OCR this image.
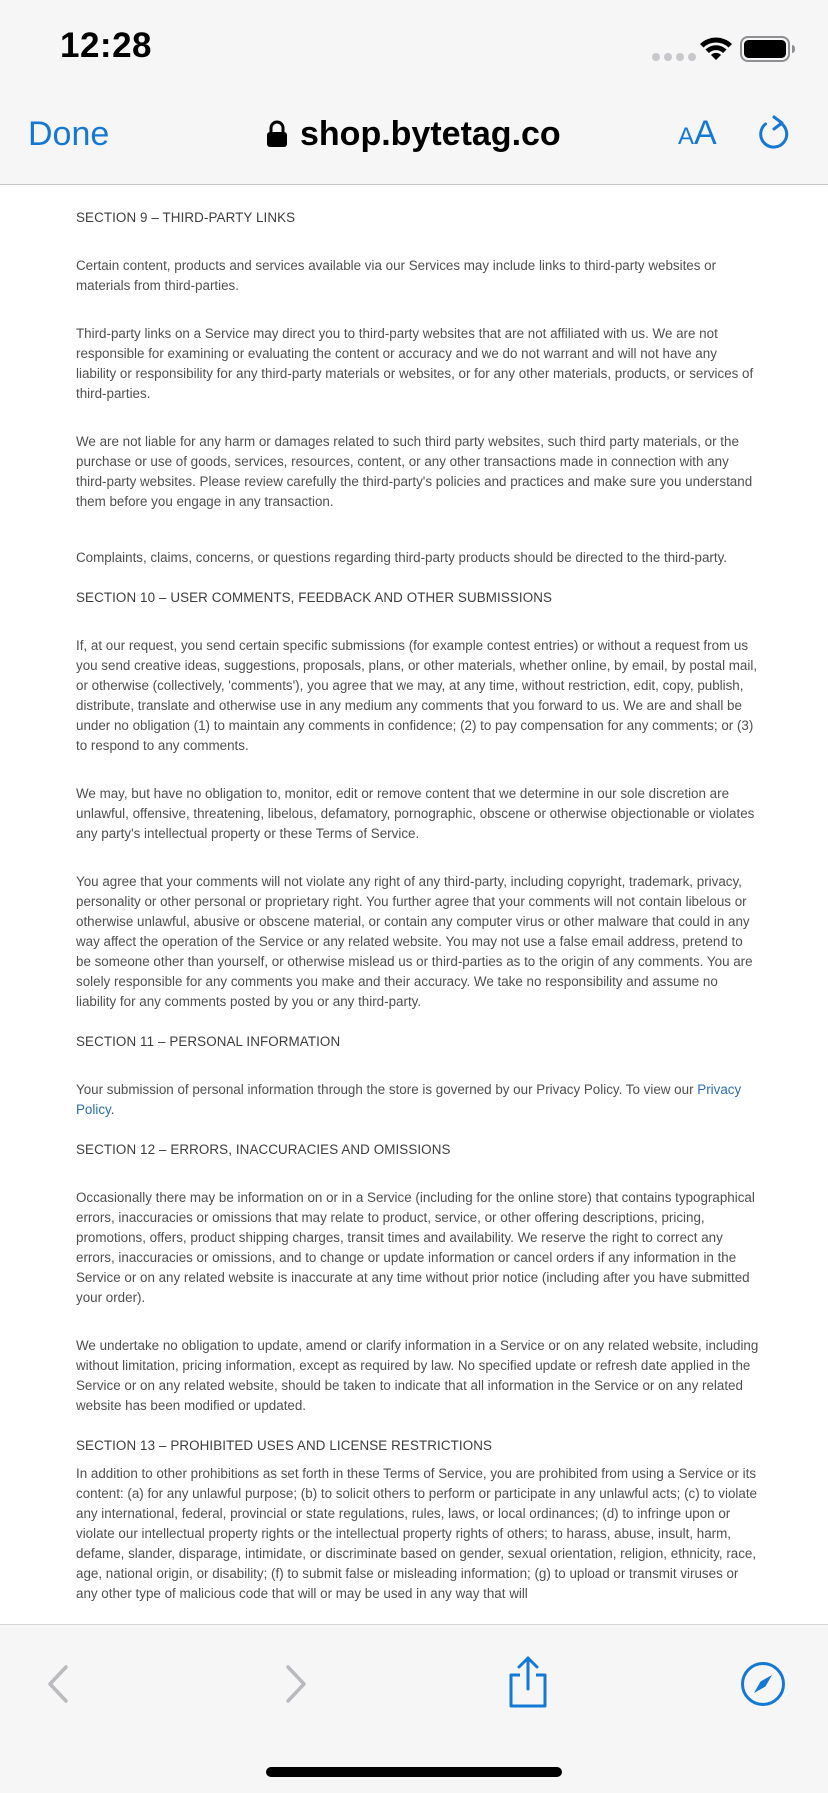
12:28
Done	shop.bytetag.co	AA
SECTION 9 – THIRD-PARTY LINKS

Certain content, products and services available via our Services may include links to third-party websites or materials from third-parties.

Third-party links on a Service may direct you to third-party websites that are not affiliated with us. We are not responsible for examining or evaluating the content or accuracy and we do not warrant and will not have any liability or responsibility for any third-party materials or websites, or for any other materials, products, or services of third-parties.

We are not liable for any harm or damages related to such third party websites, such third party materials, or the purchase or use of goods, services, resources, content, or any other transactions made in connection with any third-party websites. Please review carefully the third-party's policies and practices and make sure you understand them before you engage in any transaction.

Complaints, claims, concerns, or questions regarding third-party products should be directed to the third-party.

SECTION 10 – USER COMMENTS, FEEDBACK AND OTHER SUBMISSIONS

If, at our request, you send certain specific submissions (for example contest entries) or without a request from us you send creative ideas, suggestions, proposals, plans, or other materials, whether online, by email, by postal mail, or otherwise (collectively, 'comments'), you agree that we may, at any time, without restriction, edit, copy, publish, distribute, translate and otherwise use in any medium any comments that you forward to us. We are and shall be under no obligation (1) to maintain any comments in confidence; (2) to pay compensation for any comments; or (3) to respond to any comments.

We may, but have no obligation to, monitor, edit or remove content that we determine in our sole discretion are unlawful, offensive, threatening, libelous, defamatory, pornographic, obscene or otherwise objectionable or violates any party's intellectual property or these Terms of Service.

You agree that your comments will not violate any right of any third-party, including copyright, trademark, privacy, personality or other personal or proprietary right. You further agree that your comments will not contain libelous or otherwise unlawful, abusive or obscene material, or contain any computer virus or other malware that could in any way affect the operation of the Service or any related website. You may not use a false email address, pretend to be someone other than yourself, or otherwise mislead us or third-parties as to the origin of any comments. You are solely responsible for any comments you make and their accuracy. We take no responsibility and assume no liability for any comments posted by you or any third-party.

SECTION 11 – PERSONAL INFORMATION

Your submission of personal information through the store is governed by our Privacy Policy. To view our Privacy Policy.

SECTION 12 – ERRORS, INACCURACIES AND OMISSIONS

Occasionally there may be information on or in a Service (including for the online store) that contains typographical errors, inaccuracies or omissions that may relate to product, service, or other offering descriptions, pricing, promotions, offers, product shipping charges, transit times and availability. We reserve the right to correct any errors, inaccuracies or omissions, and to change or update information or cancel orders if any information in the Service or on any related website is inaccurate at any time without prior notice (including after you have submitted your order).

We undertake no obligation to update, amend or clarify information in a Service or on any related website, including without limitation, pricing information, except as required by law. No specified update or refresh date applied in the Service or on any related website, should be taken to indicate that all information in the Service or on any related website has been modified or updated.

SECTION 13 – PROHIBITED USES AND LICENSE RESTRICTIONS

In addition to other prohibitions as set forth in these Terms of Service, you are prohibited from using a Service or its content: (a) for any unlawful purpose; (b) to solicit others to perform or participate in any unlawful acts; (c) to violate any international, federal, provincial or state regulations, rules, laws, or local ordinances; (d) to infringe upon or violate our intellectual property rights or the intellectual property rights of others; to harass, abuse, insult, harm, defame, slander, disparage, intimidate, or discriminate based on gender, sexual orientation, religion, ethnicity, race, age, national origin, or disability; (f) to submit false or misleading information; (g) to upload or transmit viruses or any other type of malicious code that will or may be used in any way that will
